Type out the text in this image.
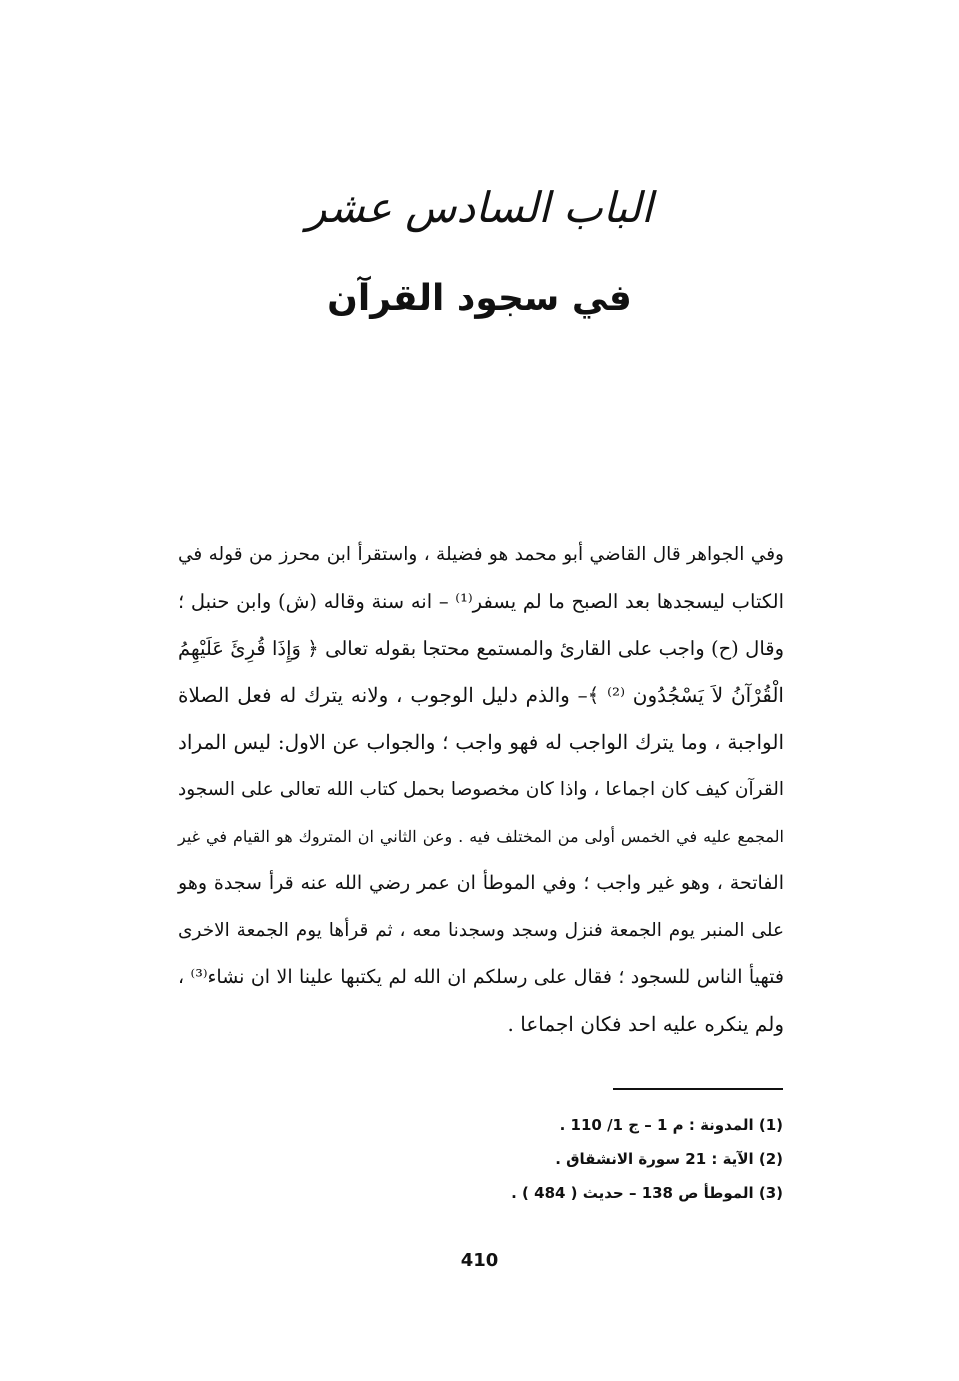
الباب السادس عشر
في سجود القرآن
وفي الجواهر قال القاضي أبو محمد هو فضيلة ، واستقرأ ابن محرز من قوله في
الكتاب ليسجدها بعد الصبح ما لم يسفر⁽¹⁾ – انه سنة وقاله (ش) وابن حنبل ؛
وقال (ح) واجب على القارئ والمستمع محتجا بقوله تعالى ﴿ وَإِذَا قُرِئَ عَلَيْهِمُ
الْقُرْآنُ لاَ يَسْجُدُون ⁽²⁾ ﴾– والذم دليل الوجوب ، ولانه يترك له فعل الصلاة
الواجبة ، وما يترك الواجب له فهو واجب ؛ والجواب عن الاول: ليس المراد
القرآن كيف كان اجماعا ، واذا كان مخصوصا بحمل كتاب الله تعالى على السجود
المجمع عليه في الخمس أولى من المختلف فيه . وعن الثاني ان المتروك هو القيام في غير
الفاتحة ، وهو غير واجب ؛ وفي الموطأ ان عمر رضي الله عنه قرأ سجدة وهو
على المنبر يوم الجمعة فنزل وسجد وسجدنا معه ، ثم قرأها يوم الجمعة الاخرى
فتهيأ الناس للسجود ؛ فقال على رسلكم ان الله لم يكتبها علينا الا ان نشاء⁽³⁾ ،
ولم ينكره عليه احد فكان اجماعا .
(1) المدونة : م 1 – ج 1/ 110 .
(2) الآية : 21 سورة الانشقاق .
(3) الموطأ ص 138 – حديث ( 484 ) .
410
